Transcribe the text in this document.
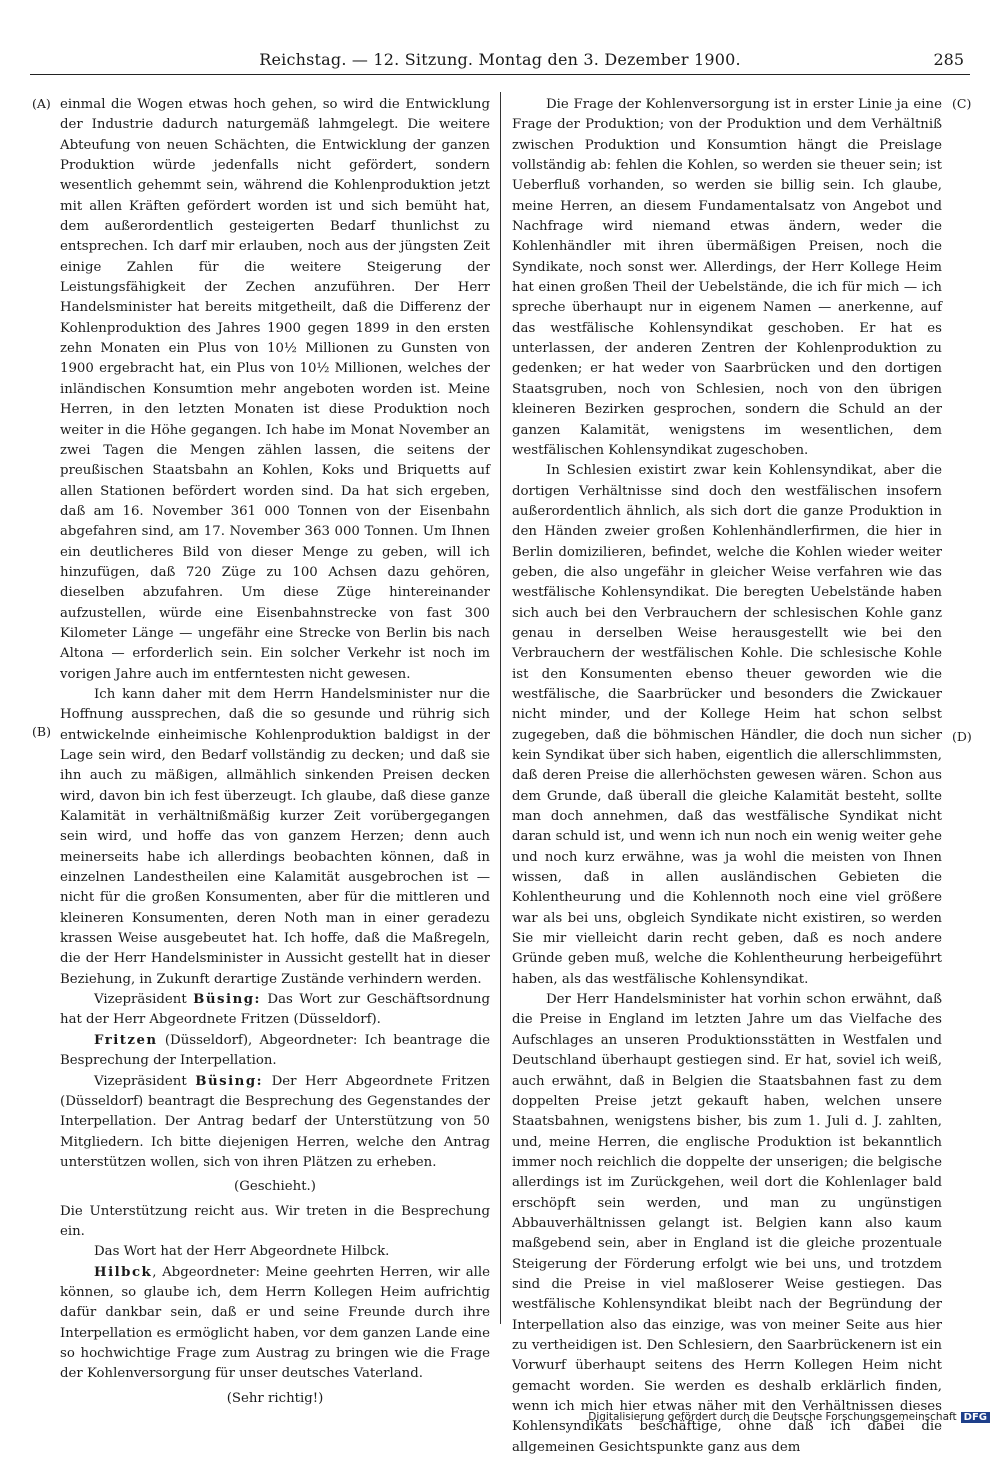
Reichstag. — 12. Sitzung. Montag den 3. Dezember 1900.	285
(A)
(B)
(C)
(D)

einmal die Wogen etwas hoch gehen, so wird die Entwicklung der Industrie dadurch naturgemäß lahmgelegt. Die weitere Abteufung von neuen Schächten, die Entwicklung der ganzen Produktion würde jedenfalls nicht gefördert, sondern wesentlich gehemmt sein, während die Kohlenproduktion jetzt mit allen Kräften gefördert worden ist und sich bemüht hat, dem außerordentlich gesteigerten Bedarf thunlichst zu entsprechen. Ich darf mir erlauben, noch aus der jüngsten Zeit einige Zahlen für die weitere Steigerung der Leistungsfähigkeit der Zechen anzuführen. Der Herr Handelsminister hat bereits mitgetheilt, daß die Differenz der Kohlenproduktion des Jahres 1900 gegen 1899 in den ersten zehn Monaten ein Plus von 10½ Millionen zu Gunsten von 1900 ergebracht hat, ein Plus von 10½ Millionen, welches der inländischen Konsumtion mehr angeboten worden ist. Meine Herren, in den letzten Monaten ist diese Produktion noch weiter in die Höhe gegangen. Ich habe im Monat November an zwei Tagen die Mengen zählen lassen, die seitens der preußischen Staatsbahn an Kohlen, Koks und Briquetts auf allen Stationen befördert worden sind. Da hat sich ergeben, daß am 16. November 361 000 Tonnen von der Eisenbahn abgefahren sind, am 17. November 363 000 Tonnen. Um Ihnen ein deutlicheres Bild von dieser Menge zu geben, will ich hinzufügen, daß 720 Züge zu 100 Achsen dazu gehören, dieselben abzufahren. Um diese Züge hintereinander aufzustellen, würde eine Eisenbahnstrecke von fast 300 Kilometer Länge — ungefähr eine Strecke von Berlin bis nach Altona — erforderlich sein. Ein solcher Verkehr ist noch im vorigen Jahre auch im entferntesten nicht gewesen.

Ich kann daher mit dem Herrn Handelsminister nur die Hoffnung aussprechen, daß die so gesunde und rührig sich entwickelnde einheimische Kohlenproduktion baldigst in der Lage sein wird, den Bedarf vollständig zu decken; und daß sie ihn auch zu mäßigen, allmählich sinkenden Preisen decken wird, davon bin ich fest überzeugt. Ich glaube, daß diese ganze Kalamität in verhältnißmäßig kurzer Zeit vorübergegangen sein wird, und hoffe das von ganzem Herzen; denn auch meinerseits habe ich allerdings beobachten können, daß in einzelnen Landestheilen eine Kalamität ausgebrochen ist — nicht für die großen Konsumenten, aber für die mittleren und kleineren Konsumenten, deren Noth man in einer geradezu krassen Weise ausgebeutet hat. Ich hoffe, daß die Maßregeln, die der Herr Handelsminister in Aussicht gestellt hat in dieser Beziehung, in Zukunft derartige Zustände verhindern werden.

Vizepräsident Büsing: Das Wort zur Geschäftsordnung hat der Herr Abgeordnete Fritzen (Düsseldorf).

Fritzen (Düsseldorf), Abgeordneter: Ich beantrage die Besprechung der Interpellation.

Vizepräsident Büsing: Der Herr Abgeordnete Fritzen (Düsseldorf) beantragt die Besprechung des Gegenstandes der Interpellation. Der Antrag bedarf der Unterstützung von 50 Mitgliedern. Ich bitte diejenigen Herren, welche den Antrag unterstützen wollen, sich von ihren Plätzen zu erheben.

(Geschieht.)

Die Unterstützung reicht aus. Wir treten in die Besprechung ein.

Das Wort hat der Herr Abgeordnete Hilbck.

Hilbck, Abgeordneter: Meine geehrten Herren, wir alle können, so glaube ich, dem Herrn Kollegen Heim aufrichtig dafür dankbar sein, daß er und seine Freunde durch ihre Interpellation es ermöglicht haben, vor dem ganzen Lande eine so hochwichtige Frage zum Austrag zu bringen wie die Frage der Kohlenversorgung für unser deutsches Vaterland.

(Sehr richtig!)

Die Frage der Kohlenversorgung ist in erster Linie ja eine Frage der Produktion; von der Produktion und dem Verhältniß zwischen Produktion und Konsumtion hängt die Preislage vollständig ab: fehlen die Kohlen, so werden sie theuer sein; ist Ueberfluß vorhanden, so werden sie billig sein. Ich glaube, meine Herren, an diesem Fundamentalsatz von Angebot und Nachfrage wird niemand etwas ändern, weder die Kohlenhändler mit ihren übermäßigen Preisen, noch die Syndikate, noch sonst wer. Allerdings, der Herr Kollege Heim hat einen großen Theil der Uebelstände, die ich für mich — ich spreche überhaupt nur in eigenem Namen — anerkenne, auf das westfälische Kohlensyndikat geschoben. Er hat es unterlassen, der anderen Zentren der Kohlenproduktion zu gedenken; er hat weder von Saarbrücken und den dortigen Staatsgruben, noch von Schlesien, noch von den übrigen kleineren Bezirken gesprochen, sondern die Schuld an der ganzen Kalamität, wenigstens im wesentlichen, dem westfälischen Kohlensyndikat zugeschoben.

In Schlesien existirt zwar kein Kohlensyndikat, aber die dortigen Verhältnisse sind doch den westfälischen insofern außerordentlich ähnlich, als sich dort die ganze Produktion in den Händen zweier großen Kohlenhändlerfirmen, die hier in Berlin domizilieren, befindet, welche die Kohlen wieder weiter geben, die also ungefähr in gleicher Weise verfahren wie das westfälische Kohlensyndikat. Die beregten Uebelstände haben sich auch bei den Verbrauchern der schlesischen Kohle ganz genau in derselben Weise herausgestellt wie bei den Verbrauchern der westfälischen Kohle. Die schlesische Kohle ist den Konsumenten ebenso theuer geworden wie die westfälische, die Saarbrücker und besonders die Zwickauer nicht minder, und der Kollege Heim hat schon selbst zugegeben, daß die böhmischen Händler, die doch nun sicher kein Syndikat über sich haben, eigentlich die allerschlimmsten, daß deren Preise die allerhöchsten gewesen wären. Schon aus dem Grunde, daß überall die gleiche Kalamität besteht, sollte man doch annehmen, daß das westfälische Syndikat nicht daran schuld ist, und wenn ich nun noch ein wenig weiter gehe und noch kurz erwähne, was ja wohl die meisten von Ihnen wissen, daß in allen ausländischen Gebieten die Kohlentheurung und die Kohlennoth noch eine viel größere war als bei uns, obgleich Syndikate nicht existiren, so werden Sie mir vielleicht darin recht geben, daß es noch andere Gründe geben muß, welche die Kohlentheurung herbeigeführt haben, als das westfälische Kohlensyndikat.

Der Herr Handelsminister hat vorhin schon erwähnt, daß die Preise in England im letzten Jahre um das Vielfache des Aufschlages an unseren Produktionsstätten in Westfalen und Deutschland überhaupt gestiegen sind. Er hat, soviel ich weiß, auch erwähnt, daß in Belgien die Staatsbahnen fast zu dem doppelten Preise jetzt gekauft haben, welchen unsere Staatsbahnen, wenigstens bisher, bis zum 1. Juli d. J. zahlten, und, meine Herren, die englische Produktion ist bekanntlich immer noch reichlich die doppelte der unserigen; die belgische allerdings ist im Zurückgehen, weil dort die Kohlenlager bald erschöpft sein werden, und man zu ungünstigen Abbauverhältnissen gelangt ist. Belgien kann also kaum maßgebend sein, aber in England ist die gleiche prozentuale Steigerung der Förderung erfolgt wie bei uns, und trotzdem sind die Preise in viel maßloserer Weise gestiegen. Das westfälische Kohlensyndikat bleibt nach der Begründung der Interpellation also das einzige, was von meiner Seite aus hier zu vertheidigen ist. Den Schlesiern, den Saarbrückenern ist ein Vorwurf überhaupt seitens des Herrn Kollegen Heim nicht gemacht worden. Sie werden es deshalb erklärlich finden, wenn ich mich hier etwas näher mit den Verhältnissen dieses Kohlensyndikats beschäftige, ohne daß ich dabei die allgemeinen Gesichtspunkte ganz aus dem

Digitalisierung gefördert durch die Deutsche Forschungsgemeinschaft DFG
